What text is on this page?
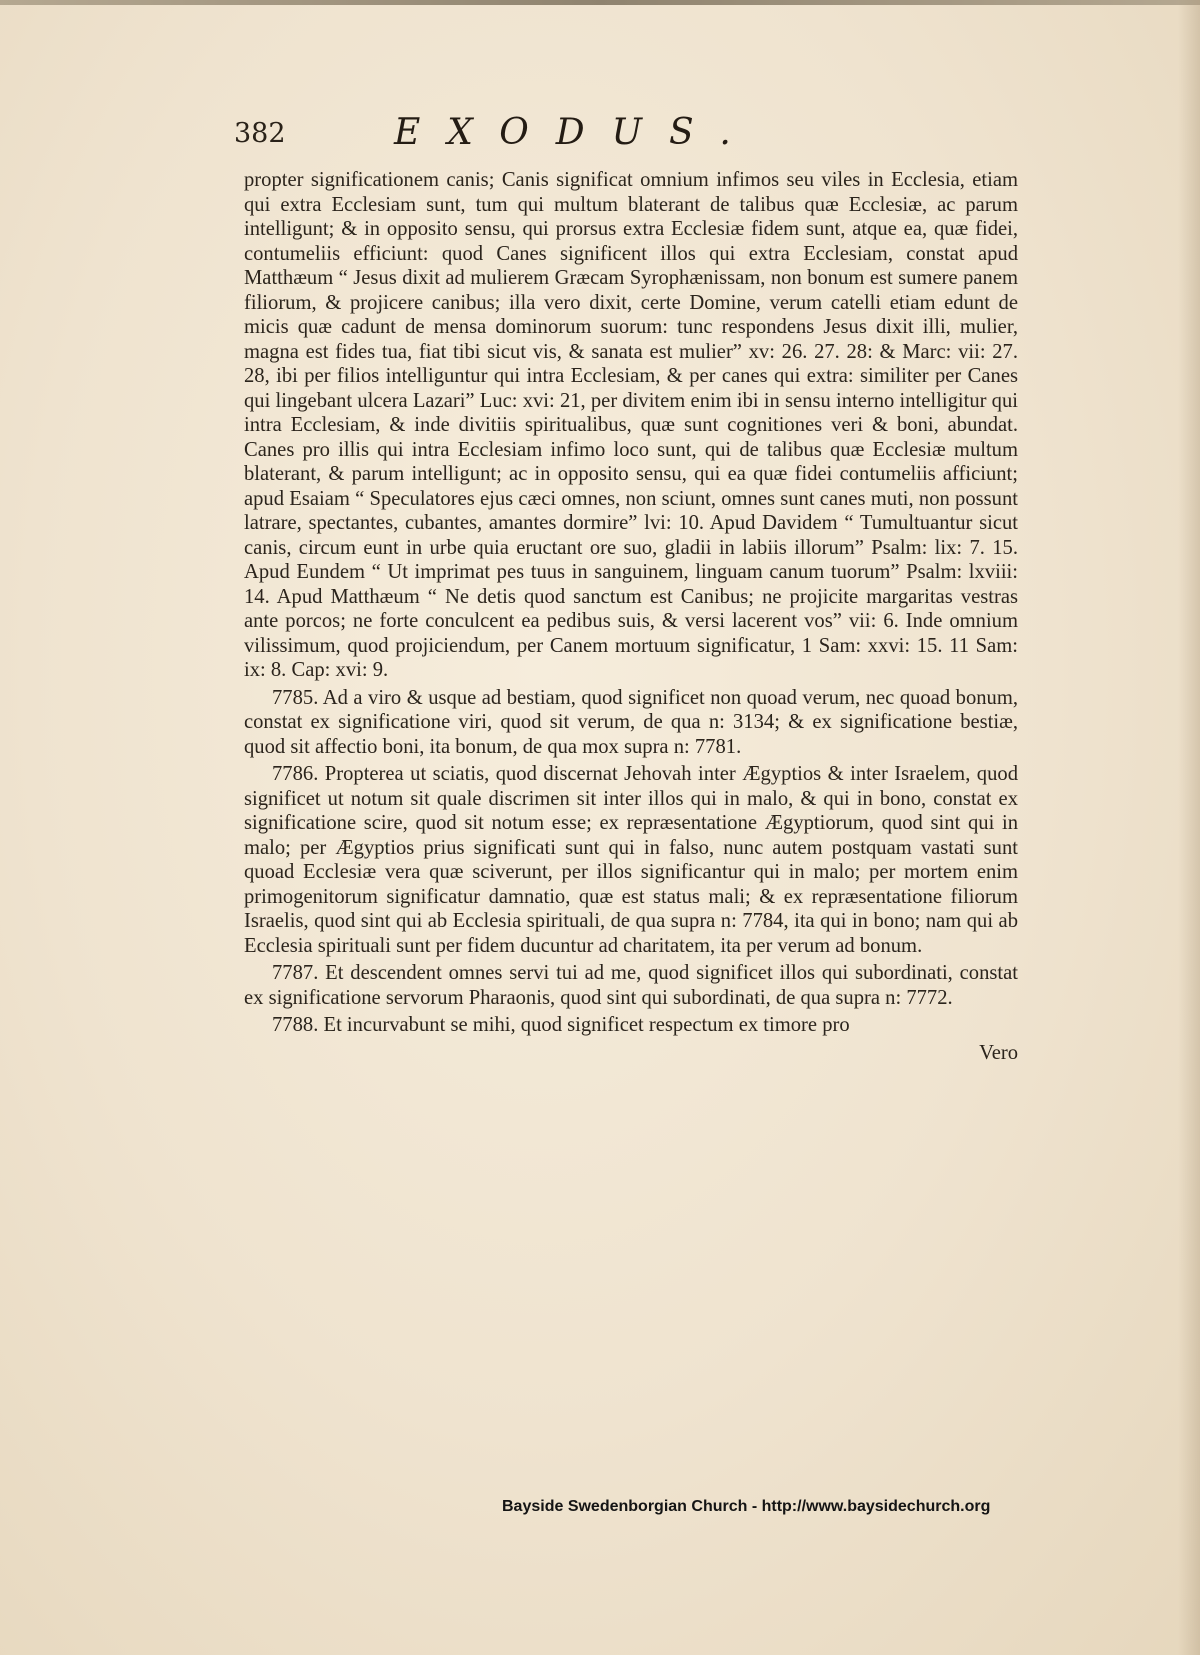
382	EXODUS.

propter significationem canis; Canis significat omnium infimos seu viles in Ecclesia, etiam qui extra Ecclesiam sunt, tum qui multum blaterant de talibus quæ Ecclesiæ, ac parum intelligunt; & in opposito sensu, qui prorsus extra Ecclesiæ fidem sunt, atque ea, quæ fidei, contumeliis efficiunt: quod Canes significent illos qui extra Ecclesiam, constat apud Matthæum “ Jesus dixit ad mulierem Græcam Syrophænissam, non bonum est sumere panem filiorum, & projicere canibus; illa vero dixit, certe Domine, verum catelli etiam edunt de micis quæ cadunt de mensa dominorum suorum: tunc respondens Jesus dixit illi, mulier, magna est fides tua, fiat tibi sicut vis, & sanata est mulier” xv: 26. 27. 28: & Marc: vii: 27. 28, ibi per filios intelliguntur qui intra Ecclesiam, & per canes qui extra: similiter per Canes qui lingebant ulcera Lazari” Luc: xvi: 21, per divitem enim ibi in sensu interno intelligitur qui intra Ecclesiam, & inde divitiis spiritualibus, quæ sunt cognitiones veri & boni, abundat. Canes pro illis qui intra Ecclesiam infimo loco sunt, qui de talibus quæ Ecclesiæ multum blaterant, & parum intelligunt; ac in opposito sensu, qui ea quæ fidei contumeliis afficiunt; apud Esaiam “ Speculatores ejus cæci omnes, non sciunt, omnes sunt canes muti, non possunt latrare, spectantes, cubantes, amantes dormire” lvi: 10. Apud Davidem “ Tumultuantur sicut canis, circum eunt in urbe quia eructant ore suo, gladii in labiis illorum” Psalm: lix: 7. 15. Apud Eundem “ Ut imprimat pes tuus in sanguinem, linguam canum tuorum” Psalm: lxviii: 14. Apud Matthæum “ Ne detis quod sanctum est Canibus; ne projicite margaritas vestras ante porcos; ne forte conculcent ea pedibus suis, & versi lacerent vos” vii: 6. Inde omnium vilissimum, quod projiciendum, per Canem mortuum significatur, 1 Sam: xxvi: 15. 11 Sam: ix: 8. Cap: xvi: 9.

7785. Ad a viro & usque ad bestiam, quod significet non quoad verum, nec quoad bonum, constat ex significatione viri, quod sit verum, de qua n: 3134; & ex significatione bestiæ, quod sit affectio boni, ita bonum, de qua mox supra n: 7781.

7786. Propterea ut sciatis, quod discernat Jehovah inter Ægyptios & inter Israelem, quod significet ut notum sit quale discrimen sit inter illos qui in malo, & qui in bono, constat ex significatione scire, quod sit notum esse; ex repræsentatione Ægyptiorum, quod sint qui in malo; per Ægyptios prius significati sunt qui in falso, nunc autem postquam vastati sunt quoad Ecclesiæ vera quæ sciverunt, per illos significantur qui in malo; per mortem enim primogenitorum significatur damnatio, quæ est status mali; & ex repræsentatione filiorum Israelis, quod sint qui ab Ecclesia spirituali, de qua supra n: 7784, ita qui in bono; nam qui ab Ecclesia spirituali sunt per fidem ducuntur ad charitatem, ita per verum ad bonum.

7787. Et descendent omnes servi tui ad me, quod significet illos qui subordinati, constat ex significatione servorum Pharaonis, quod sint qui subordinati, de qua supra n: 7772.

7788. Et incurvabunt se mihi, quod significet respectum ex timore pro

Vero

Bayside Swedenborgian Church - http://www.baysidechurch.org
